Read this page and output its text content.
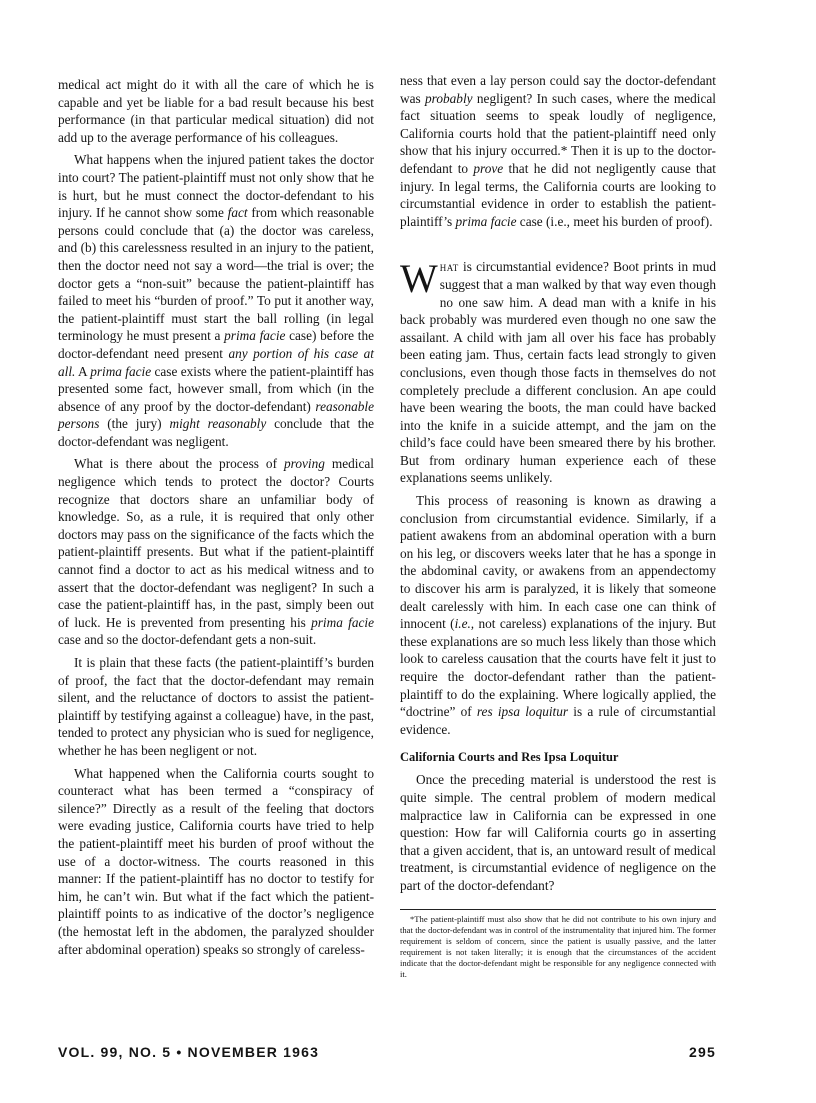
medical act might do it with all the care of which he is capable and yet be liable for a bad result because his best performance (in that particular medical situation) did not add up to the average performance of his colleagues.

What happens when the injured patient takes the doctor into court? The patient-plaintiff must not only show that he is hurt, but he must connect the doctor-defendant to his injury. If he cannot show some fact from which reasonable persons could conclude that (a) the doctor was careless, and (b) this carelessness resulted in an injury to the patient, then the doctor need not say a word—the trial is over; the doctor gets a “non-suit” because the patient-plaintiff has failed to meet his “burden of proof.” To put it another way, the patient-plaintiff must start the ball rolling (in legal terminology he must present a prima facie case) before the doctor-defendant need present any portion of his case at all. A prima facie case exists where the patient-plaintiff has presented some fact, however small, from which (in the absence of any proof by the doctor-defendant) reasonable persons (the jury) might reasonably conclude that the doctor-defendant was negligent.

What is there about the process of proving medical negligence which tends to protect the doctor? Courts recognize that doctors share an unfamiliar body of knowledge. So, as a rule, it is required that only other doctors may pass on the significance of the facts which the patient-plaintiff presents. But what if the patient-plaintiff cannot find a doctor to act as his medical witness and to assert that the doctor-defendant was negligent? In such a case the patient-plaintiff has, in the past, simply been out of luck. He is prevented from presenting his prima facie case and so the doctor-defendant gets a non-suit.

It is plain that these facts (the patient-plaintiff’s burden of proof, the fact that the doctor-defendant may remain silent, and the reluctance of doctors to assist the patient-plaintiff by testifying against a colleague) have, in the past, tended to protect any physician who is sued for negligence, whether he has been negligent or not.

What happened when the California courts sought to counteract what has been termed a “conspiracy of silence?” Directly as a result of the feeling that doctors were evading justice, California courts have tried to help the patient-plaintiff meet his burden of proof without the use of a doctor-witness. The courts reasoned in this manner: If the patient-plaintiff has no doctor to testify for him, he can’t win. But what if the fact which the patient-plaintiff points to as indicative of the doctor’s negligence (the hemostat left in the abdomen, the paralyzed shoulder after abdominal operation) speaks so strongly of careless-

ness that even a lay person could say the doctor-defendant was probably negligent? In such cases, where the medical fact situation seems to speak loudly of negligence, California courts hold that the patient-plaintiff need only show that his injury occurred.* Then it is up to the doctor-defendant to prove that he did not negligently cause that injury. In legal terms, the California courts are looking to circumstantial evidence in order to establish the patient-plaintiff’s prima facie case (i.e., meet his burden of proof).

What is circumstantial evidence? Boot prints in mud suggest that a man walked by that way even though no one saw him. A dead man with a knife in his back probably was murdered even though no one saw the assailant. A child with jam all over his face has probably been eating jam. Thus, certain facts lead strongly to given conclusions, even though those facts in themselves do not completely preclude a different conclusion. An ape could have been wearing the boots, the man could have backed into the knife in a suicide attempt, and the jam on the child’s face could have been smeared there by his brother. But from ordinary human experience each of these explanations seems unlikely.

This process of reasoning is known as drawing a conclusion from circumstantial evidence. Similarly, if a patient awakens from an abdominal operation with a burn on his leg, or discovers weeks later that he has a sponge in the abdominal cavity, or awakens from an appendectomy to discover his arm is paralyzed, it is likely that someone dealt carelessly with him. In each case one can think of innocent (i.e., not careless) explanations of the injury. But these explanations are so much less likely than those which look to careless causation that the courts have felt it just to require the doctor-defendant rather than the patient-plaintiff to do the explaining. Where logically applied, the “doctrine” of res ipsa loquitur is a rule of circumstantial evidence.

California Courts and Res Ipsa Loquitur

Once the preceding material is understood the rest is quite simple. The central problem of modern medical malpractice law in California can be expressed in one question: How far will California courts go in asserting that a given accident, that is, an untoward result of medical treatment, is circumstantial evidence of negligence on the part of the doctor-defendant?

*The patient-plaintiff must also show that he did not contribute to his own injury and that the doctor-defendant was in control of the instrumentality that injured him. The former requirement is seldom of concern, since the patient is usually passive, and the latter requirement is not taken literally; it is enough that the circumstances of the accident indicate that the doctor-defendant might be responsible for any negligence connected with it.

VOL. 99, NO. 5 • NOVEMBER 1963	295
